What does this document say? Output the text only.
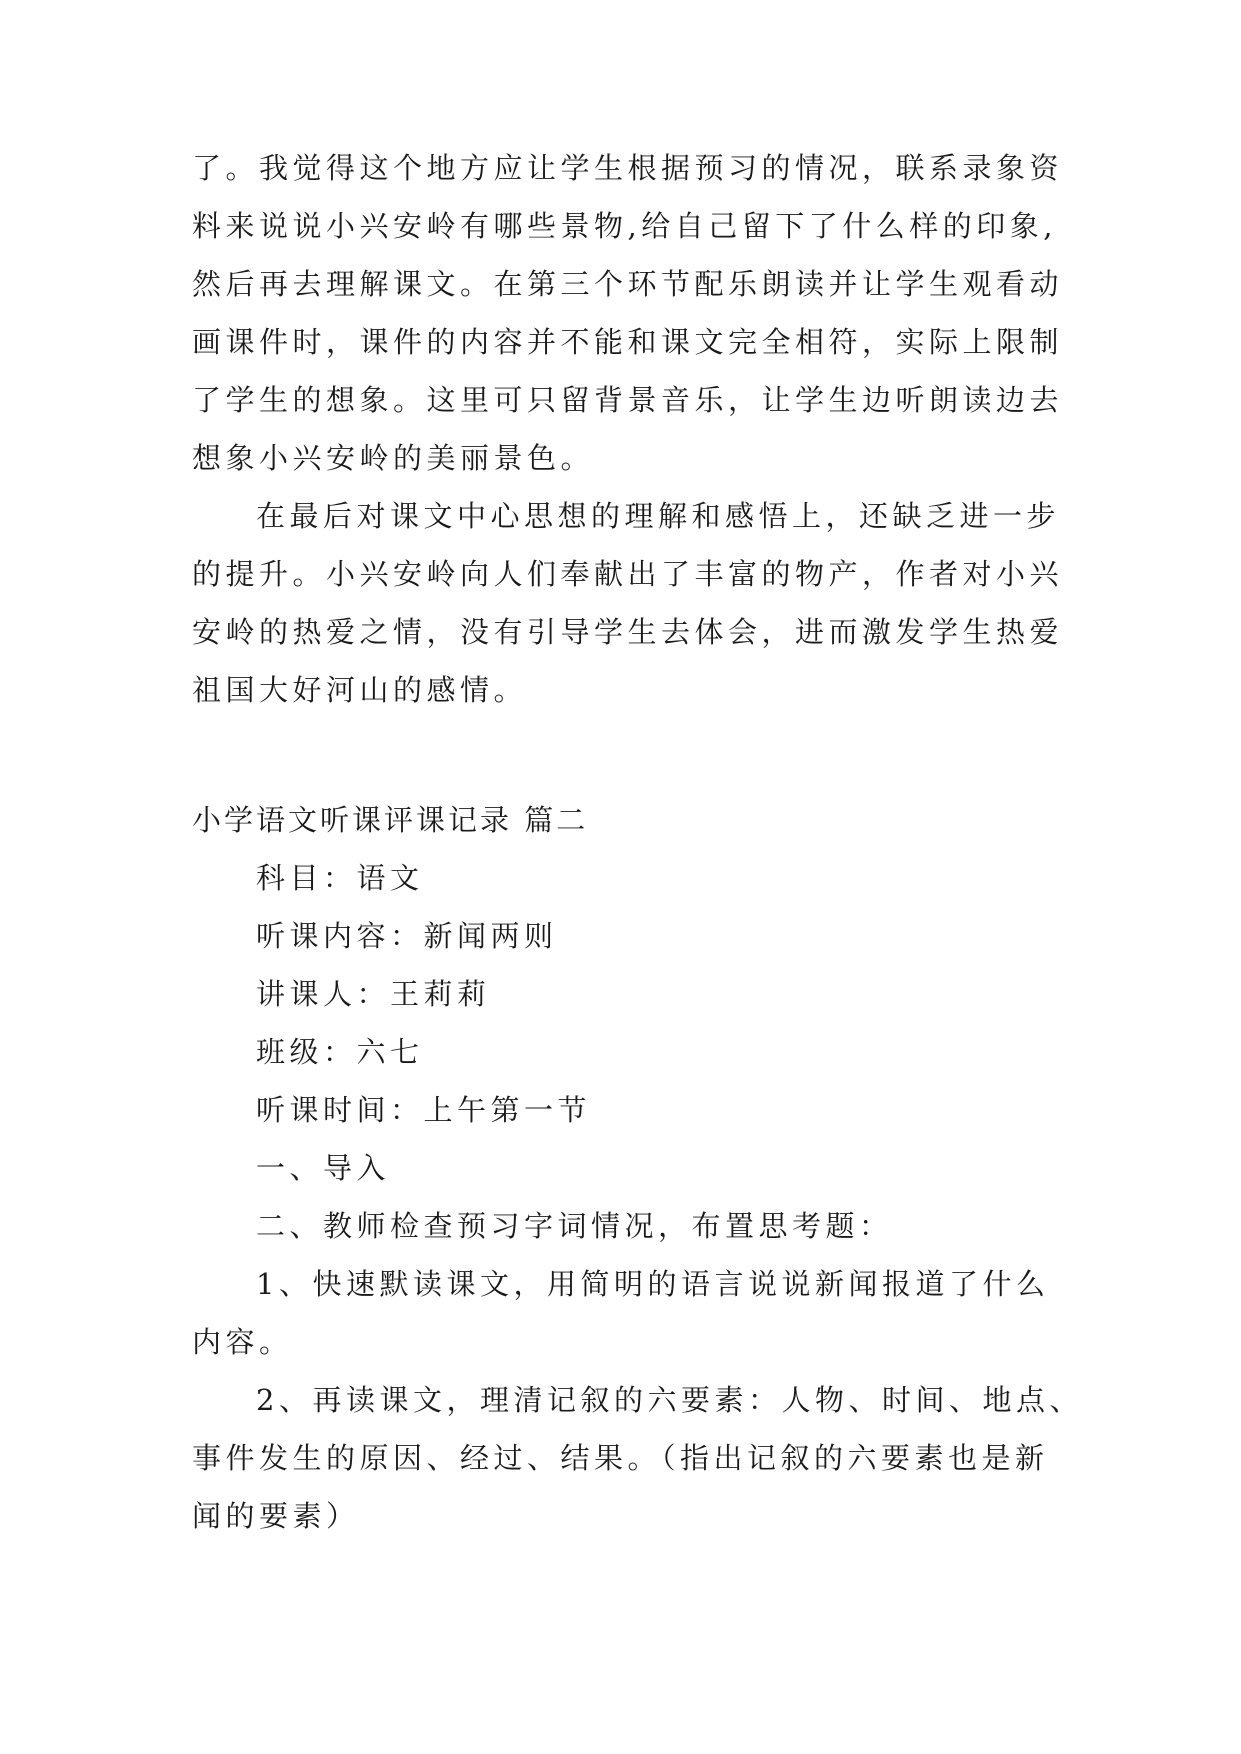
了。我觉得这个地方应让学生根据预习的情况，联系录象资
料来说说小兴安岭有哪些景物,给自己留下了什么样的印象,
然后再去理解课文。在第三个环节配乐朗读并让学生观看动
画课件时，课件的内容并不能和课文完全相符，实际上限制
了学生的想象。这里可只留背景音乐，让学生边听朗读边去
想象小兴安岭的美丽景色。
在最后对课文中心思想的理解和感悟上，还缺乏进一步
的提升。小兴安岭向人们奉献出了丰富的物产，作者对小兴
安岭的热爱之情，没有引导学生去体会，进而激发学生热爱
祖国大好河山的感情。
小学语文听课评课记录 篇二
科目：语文
听课内容：新闻两则
讲课人：王莉莉
班级：六七
听课时间：上午第一节
一、导入
二、教师检查预习字词情况，布置思考题：
1、快速默读课文，用简明的语言说说新闻报道了什么
内容。
2、再读课文，理清记叙的六要素：人物、时间、地点、
事件发生的原因、经过、结果。（指出记叙的六要素也是新
闻的要素）
